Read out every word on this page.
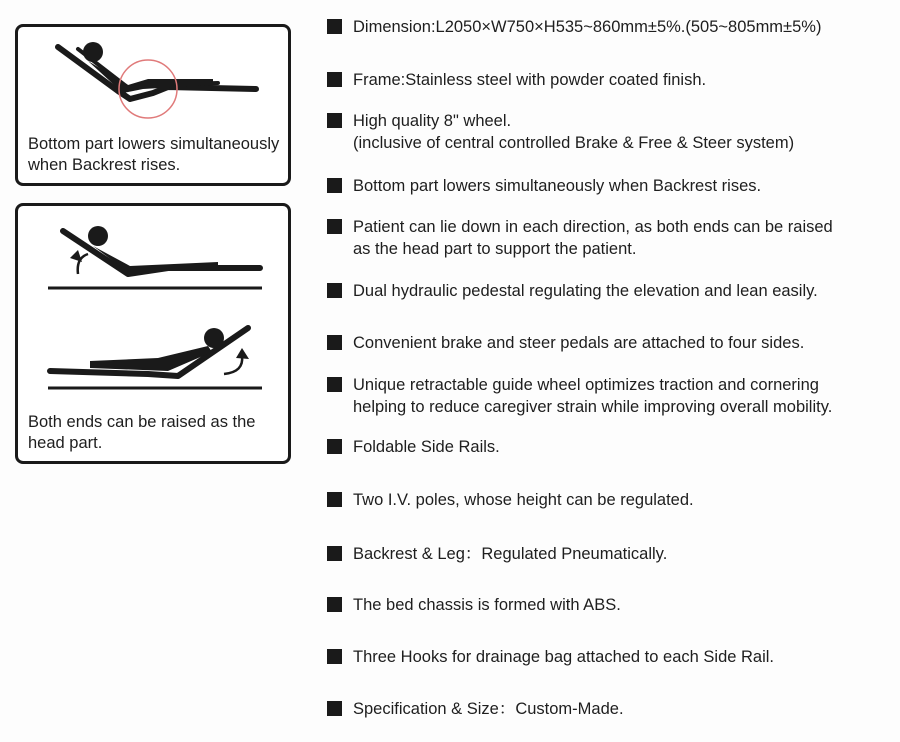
Bottom part lowers simultaneously when Backrest rises.
Both ends can be raised as the head part.
Dimension:L2050×W750×H535~860mm±5%.(505~805mm±5%)
Frame:Stainless steel with powder coated finish.
High quality 8" wheel.
(inclusive of central controlled Brake & Free & Steer system)
Bottom part lowers simultaneously when Backrest rises.
Patient can lie down in each direction, as both ends can be raised
as the head part to support the patient.
Dual hydraulic pedestal regulating the elevation and lean easily.
Convenient brake and steer pedals are attached to four sides.
Unique retractable guide wheel optimizes traction and cornering
helping to reduce caregiver strain while improving overall mobility.
Foldable Side Rails.
Two I.V. poles, whose height can be regulated.
Backrest & Leg：Regulated Pneumatically.
The bed chassis is formed with ABS.
Three Hooks for drainage bag attached to each Side Rail.
Specification & Size：Custom-Made.
